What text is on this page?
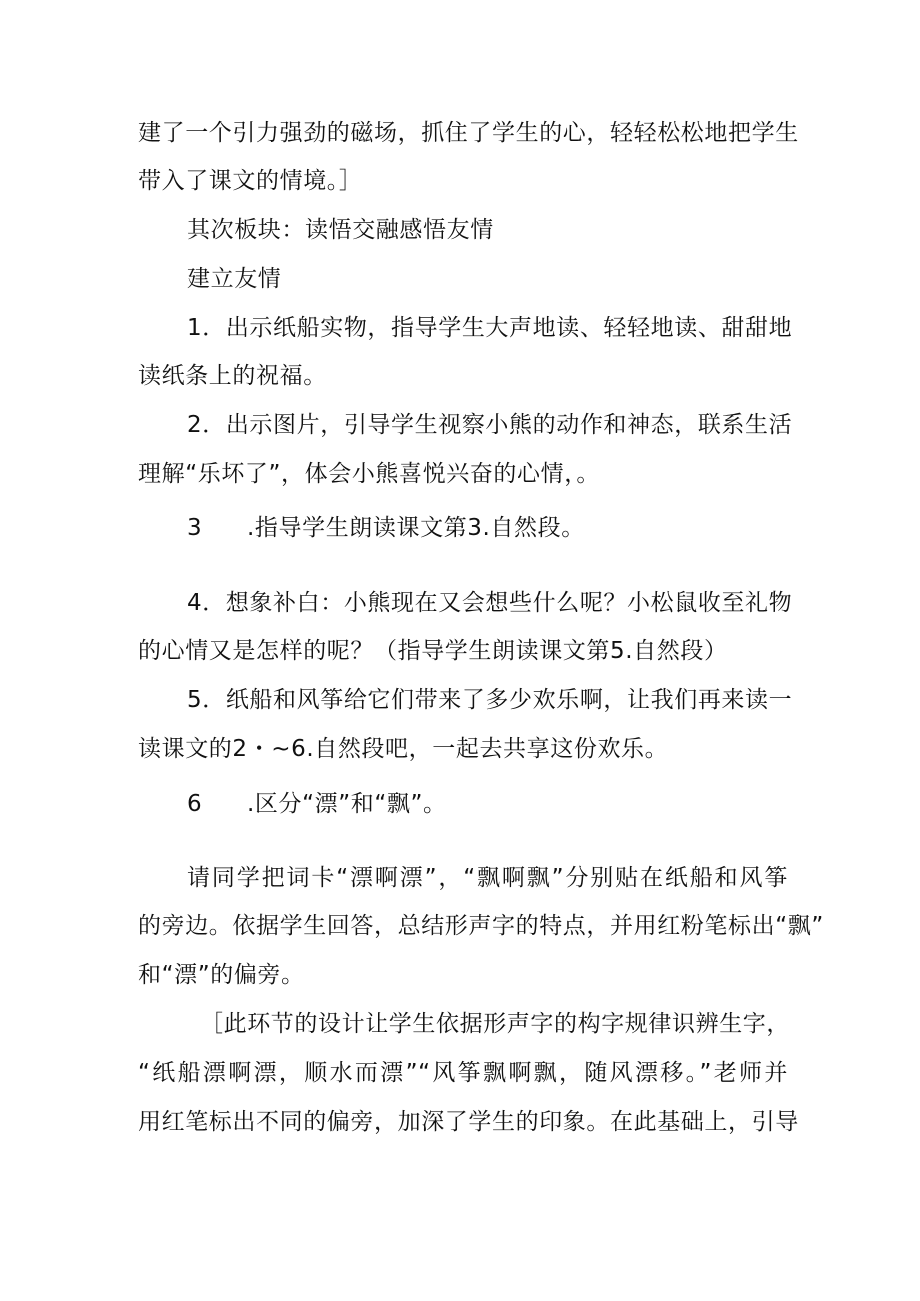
建了一个引力强劲的磁场，抓住了学生的心，轻轻松松地把学生
带入了课文的情境。］
其次板块：读悟交融感悟友情
建立友情
1．出示纸船实物，指导学生大声地读、轻轻地读、甜甜地
读纸条上的祝福。
2．出示图片，引导学生视察小熊的动作和神态，联系生活
理解“乐坏了”，体会小熊喜悦兴奋的心情，。
3 .指导学生朗读课文第3.自然段。
4．想象补白：小熊现在又会想些什么呢？小松鼠收至礼物
的心情又是怎样的呢？（指导学生朗读课文第5.自然段）
5．纸船和风筝给它们带来了多少欢乐啊，让我们再来读一
读课文的2・~6.自然段吧，一起去共享这份欢乐。
6 .区分“漂”和“飘”。
请同学把词卡“漂啊漂”，“飘啊飘”分别贴在纸船和风筝
的旁边。依据学生回答，总结形声字的特点，并用红粉笔标出“飘”
和“漂”的偏旁。
［此环节的设计让学生依据形声字的构字规律识辨生字，
“纸船漂啊漂，顺水而漂”“风筝飘啊飘，随风漂移。”老师并
用红笔标出不同的偏旁，加深了学生的印象。在此基础上，引导
